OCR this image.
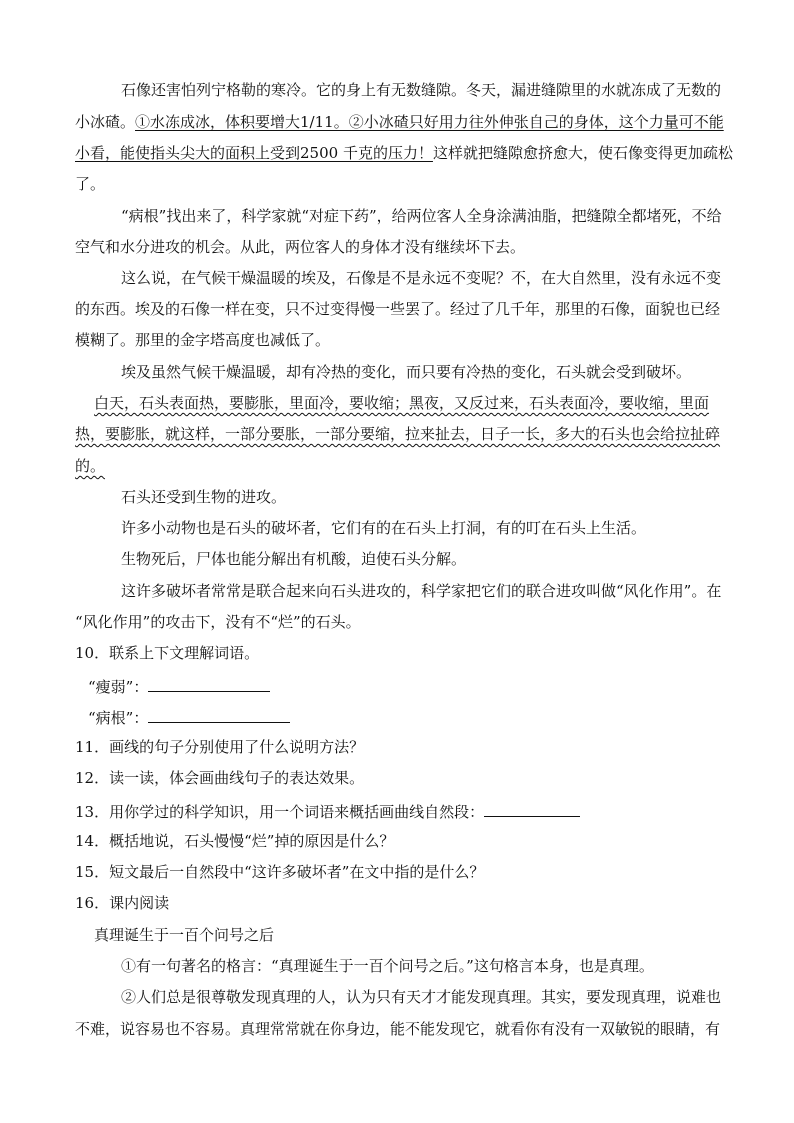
石像还害怕列宁格勒的寒冷。它的身上有无数缝隙。冬天，漏进缝隙里的水就冻成了无数的
小冰碴。①水冻成冰，体积要增大1/11。②小冰碴只好用力往外伸张自己的身体，这个力量可不能
小看，能使指头尖大的面积上受到2500 千克的压力！这样就把缝隙愈挤愈大，使石像变得更加疏松
了。
“病根”找出来了，科学家就“对症下药”，给两位客人全身涂满油脂，把缝隙全都堵死，不给
空气和水分进攻的机会。从此，两位客人的身体才没有继续坏下去。
这么说，在气候干燥温暖的埃及，石像是不是永远不变呢？不，在大自然里，没有永远不变
的东西。埃及的石像一样在变，只不过变得慢一些罢了。经过了几千年，那里的石像，面貌也已经
模糊了。那里的金字塔高度也减低了。
埃及虽然气候干燥温暖，却有冷热的变化，而只要有冷热的变化，石头就会受到破坏。
白天，石头表面热，要膨胀，里面冷，要收缩；黑夜，又反过来，石头表面冷，要收缩，里面
热，要膨胀，就这样，一部分要胀，一部分要缩，拉来扯去，日子一长，多大的石头也会给拉扯碎
的。
石头还受到生物的进攻。
许多小动物也是石头的破坏者，它们有的在石头上打洞，有的叮在石头上生活。
生物死后，尸体也能分解出有机酸，迫使石头分解。
这许多破坏者常常是联合起来向石头进攻的，科学家把它们的联合进攻叫做“风化作用”。在
“风化作用”的攻击下，没有不“烂”的石头。
10．联系上下文理解词语。
“瘦弱”：
“病根”：
11．画线的句子分别使用了什么说明方法？
12．读一读，体会画曲线句子的表达效果。
13．用你学过的科学知识，用一个词语来概括画曲线自然段：
14．概括地说，石头慢慢“烂”掉的原因是什么？
15．短文最后一自然段中“这许多破坏者”在文中指的是什么？
16．课内阅读
真理诞生于一百个问号之后
①有一句著名的格言：“真理诞生于一百个问号之后。”这句格言本身，也是真理。
②人们总是很尊敬发现真理的人，认为只有天才才能发现真理。其实，要发现真理，说难也
不难，说容易也不容易。真理常常就在你身边，能不能发现它，就看你有没有一双敏锐的眼睛，有
